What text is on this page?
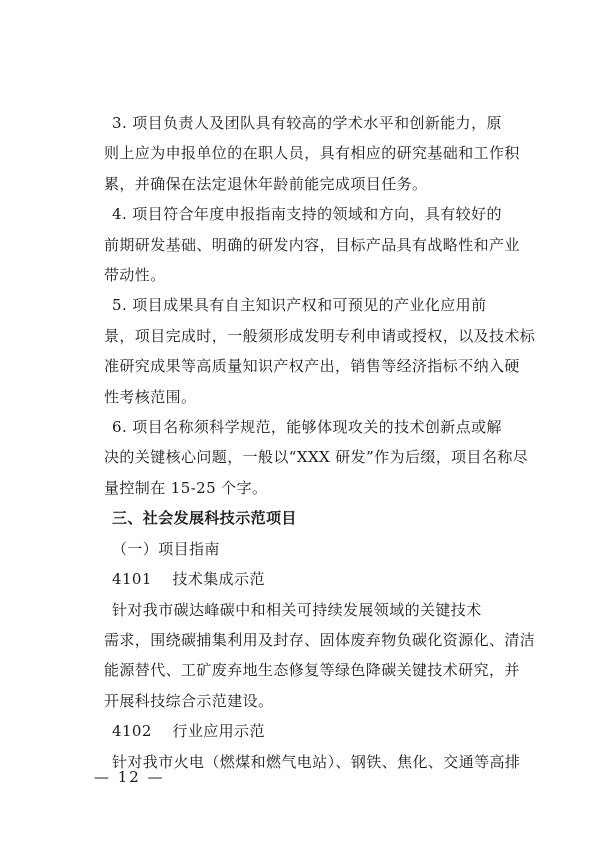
3. 项目负责人及团队具有较高的学术水平和创新能力，原

则上应为申报单位的在职人员，具有相应的研究基础和工作积
累，并确保在法定退休年龄前能完成项目任务。

4. 项目符合年度申报指南支持的领域和方向，具有较好的

前期研发基础、明确的研发内容，目标产品具有战略性和产业
带动性。

5. 项目成果具有自主知识产权和可预见的产业化应用前

景，项目完成时，一般须形成发明专利申请或授权，以及技术标
准研究成果等高质量知识产权产出，销售等经济指标不纳入硬
性考核范围。

6. 项目名称须科学规范，能够体现攻关的技术创新点或解

决的关键核心问题，一般以“XXX 研发”作为后缀，项目名称尽
量控制在 15-25 个字。

三、社会发展科技示范项目
（一）项目指南
4101    技术集成示范

针对我市碳达峰碳中和相关可持续发展领域的关键技术

需求，围绕碳捕集利用及封存、固体废弃物负碳化资源化、清洁
能源替代、工矿废弃地生态修复等绿色降碳关键技术研究，并
开展科技综合示范建设。

4102    行业应用示范

针对我市火电（燃煤和燃气电站）、钢铁、焦化、交通等高排

— 12 —
